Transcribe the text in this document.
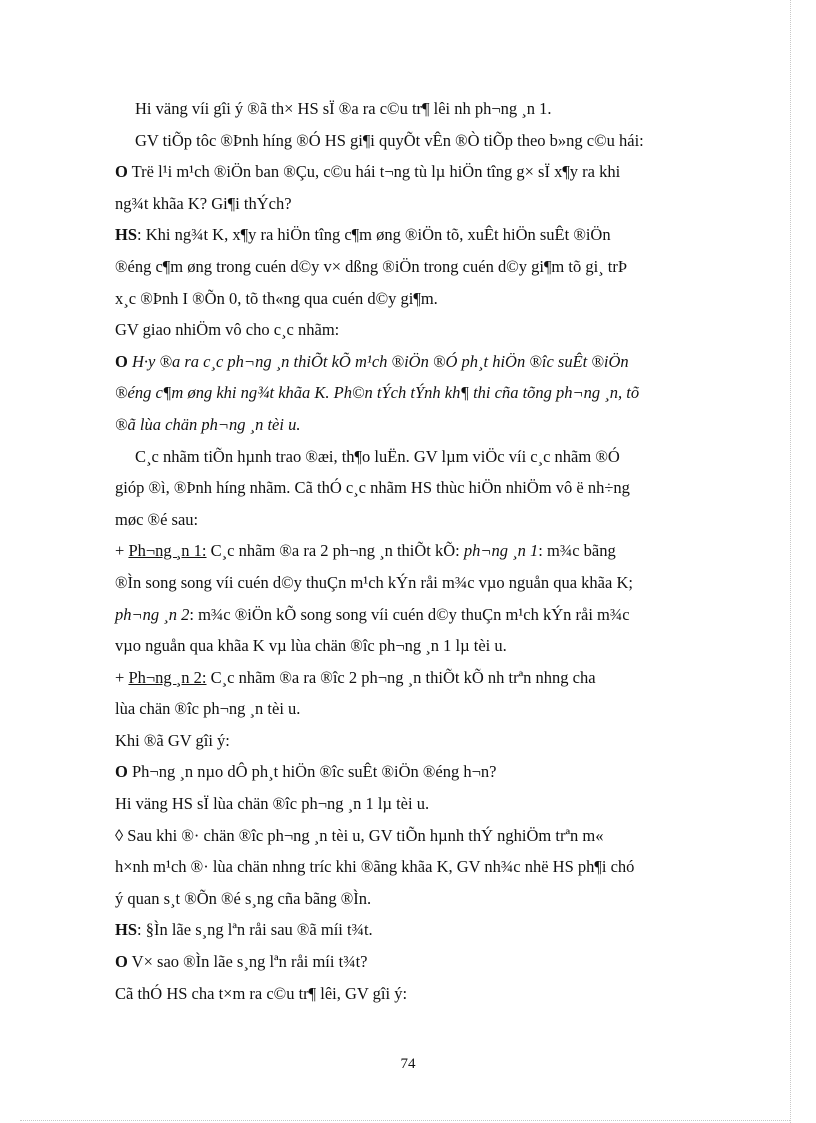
Hi väng víi gîi ý ®ã th× HS sÏ ®a ra c©u tr¶ lêi nh ph¬ng ¸n 1.
GV tiÕp tôc ®Þnh híng ®Ó HS gi¶i quyÕt vÊn ®Ò tiÕp theo b»ng c©u hái:
O Trë l¹i m¹ch ®iÖn ban ®Çu, c©u hái t¬ng tù lµ hiÖn tîng g× sÏ x¶y ra khi
ng¾t khãa K? Gi¶i thÝch?
HS: Khi ng¾t K, x¶y ra hiÖn tîng c¶m øng ®iÖn tõ, xuÊt hiÖn suÊt ®iÖn
®éng c¶m øng trong cuén d©y v× dßng ®iÖn trong cuén d©y gi¶m tõ gi¸ trÞ
x¸c ®Þnh I ®Õn 0, tõ th«ng qua cuén d©y gi¶m.
GV giao nhiÖm vô cho c¸c nhãm:
O H·y ®a ra c¸c ph¬ng ¸n thiÕt kÕ m¹ch ®iÖn ®Ó ph¸t hiÖn ®îc suÊt ®iÖn
®éng c¶m øng khi ng¾t khãa K. Ph©n tÝch tÝnh kh¶ thi cña tõng ph¬ng ¸n, tõ
®ã lùa chän ph¬ng ¸n tèi u.
C¸c nhãm tiÕn hµnh trao ®æi, th¶o luËn. GV lµm viÖc víi c¸c nhãm ®Ó
gióp ®ì, ®Þnh híng nhãm. Cã thÓ c¸c nhãm HS thùc hiÖn nhiÖm vô ë nh÷ng
møc ®é sau:
+ Ph¬ng ¸n 1: C¸c nhãm ®a ra 2 ph¬ng ¸n thiÕt kÕ: ph¬ng ¸n 1: m¾c bãng
®Ìn song song víi cuén d©y thuÇn m¹ch kÝn råi m¾c vµo nguån qua khãa K;
ph¬ng ¸n 2: m¾c ®iÖn kÕ song song víi cuén d©y thuÇn m¹ch kÝn råi m¾c
vµo nguån qua khãa K vµ lùa chän ®îc ph¬ng ¸n 1 lµ tèi u.
+ Ph¬ng ¸n 2: C¸c nhãm ®a ra ®îc 2 ph¬ng ¸n thiÕt kÕ nh trªn nhng cha
lùa chän ®îc ph¬ng ¸n tèi u.
Khi ®ã GV gîi ý:
O Ph¬ng ¸n nµo dÔ ph¸t hiÖn ®îc suÊt ®iÖn ®éng h¬n?
Hi väng HS sÏ lùa chän ®îc ph¬ng ¸n 1 lµ tèi u.
◊ Sau khi ®· chän ®îc ph¬ng ¸n tèi u, GV tiÕn hµnh thÝ nghiÖm trªn m«
h×nh m¹ch ®· lùa chän nhng tríc khi ®ãng khãa K, GV nh¾c nhë HS ph¶i chó
ý quan s¸t ®Õn ®é s¸ng cña bãng ®Ìn.
HS: §Ìn lãe s¸ng lªn råi sau ®ã míi t¾t.
O V× sao ®Ìn lãe s¸ng lªn råi míi t¾t?
Cã thÓ HS cha t×m ra c©u tr¶ lêi, GV gîi ý:
74
